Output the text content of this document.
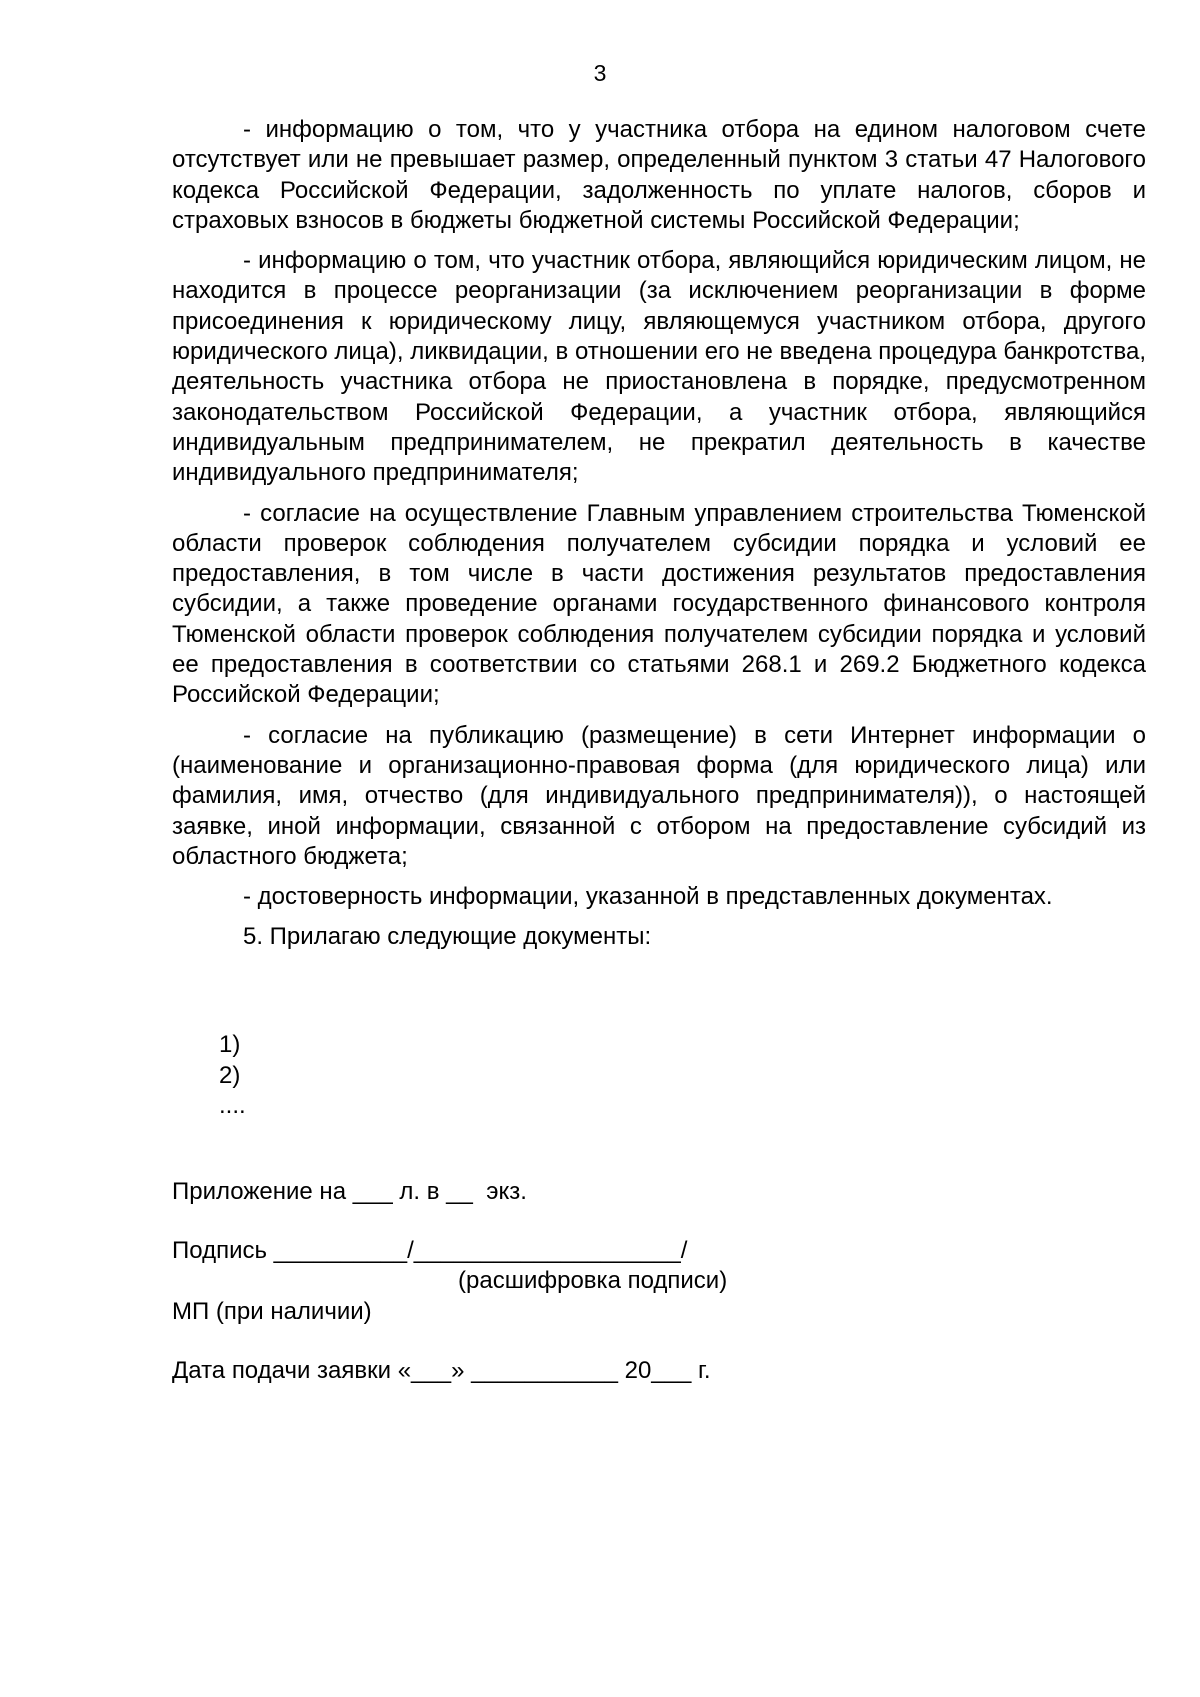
3

- информацию о том, что у участника отбора на едином налоговом счете отсутствует или не превышает размер, определенный пунктом 3 статьи 47 Налогового кодекса Российской Федерации, задолженность по уплате налогов, сборов и страховых взносов в бюджеты бюджетной системы Российской Федерации;

- информацию о том, что участник отбора, являющийся юридическим лицом, не находится в процессе реорганизации (за исключением реорганизации в форме присоединения к юридическому лицу, являющемуся участником отбора, другого юридического лица), ликвидации, в отношении его не введена процедура банкротства, деятельность участника отбора не приостановлена в порядке, предусмотренном законодательством Российской Федерации, а участник отбора, являющийся индивидуальным предпринимателем, не прекратил деятельность в качестве индивидуального предпринимателя;

- согласие на осуществление Главным управлением строительства Тюменской области проверок соблюдения получателем субсидии порядка и условий ее предоставления, в том числе в части достижения результатов предоставления субсидии, а также проведение органами государственного финансового контроля Тюменской области проверок соблюдения получателем субсидии порядка и условий ее предоставления в соответствии со статьями 268.1 и 269.2 Бюджетного кодекса Российской Федерации;

- согласие на публикацию (размещение) в сети Интернет информации о (наименование и организационно-правовая форма (для юридического лица) или фамилия, имя, отчество (для индивидуального предпринимателя)), о настоящей заявке, иной информации, связанной с отбором на предоставление субсидий из областного бюджета;

- достоверность информации, указанной в представленных документах.

5. Прилагаю следующие документы:

1)
2)
....
Приложение на ___ л. в __  экз.
Подпись __________/____________________/
(расшифровка подписи)
МП (при наличии)
Дата подачи заявки «___» ___________ 20___ г.
